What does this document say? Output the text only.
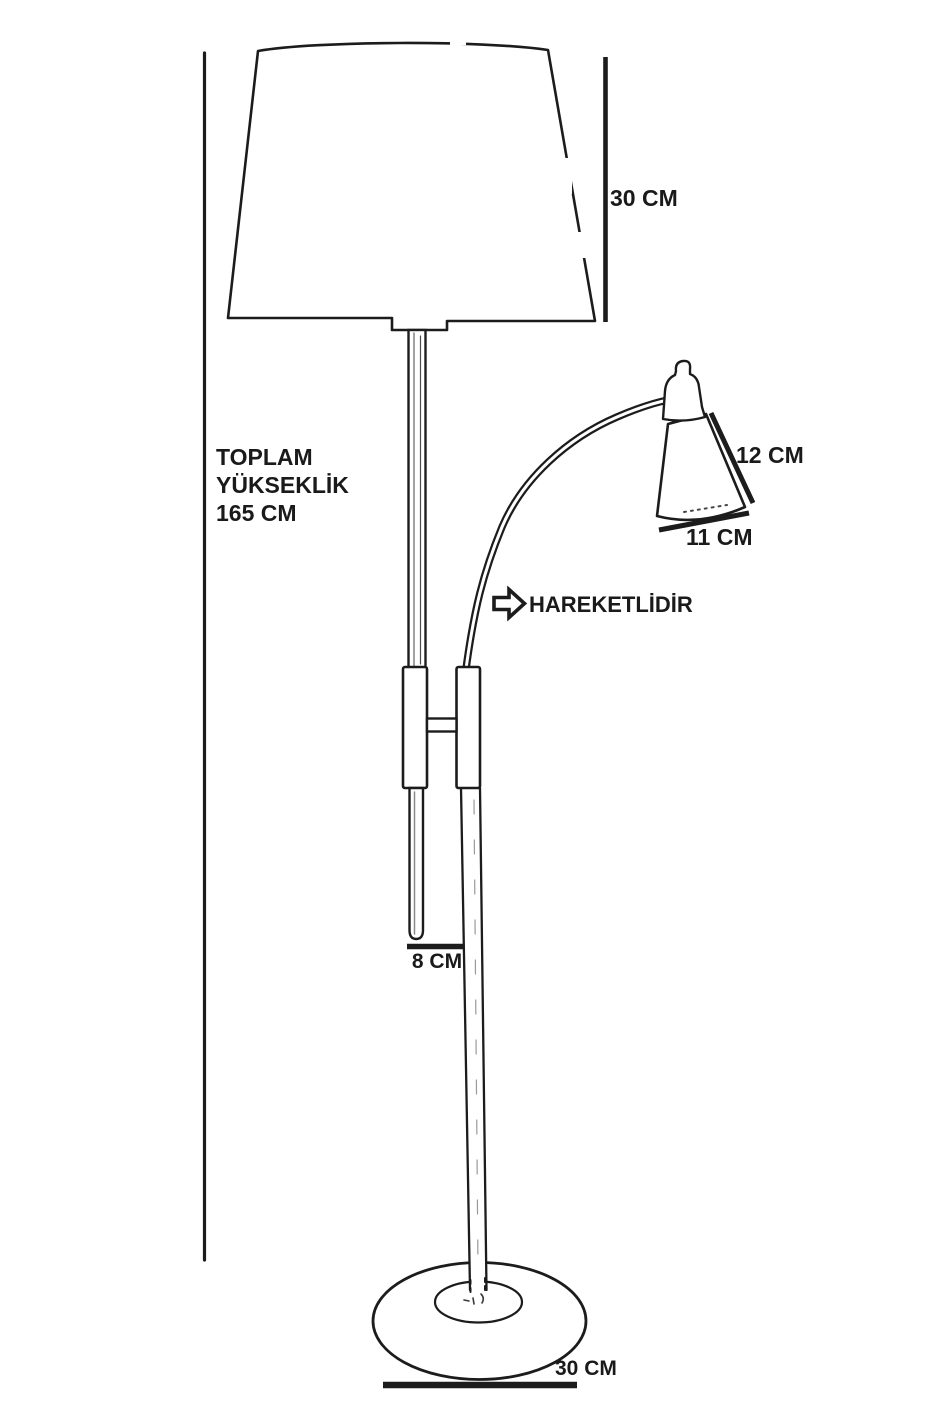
TOPLAM
YÜKSEKLİK
165 CM
30 CM
12 CM
11 CM
HAREKETLİDİR
8 CM
30 CM
